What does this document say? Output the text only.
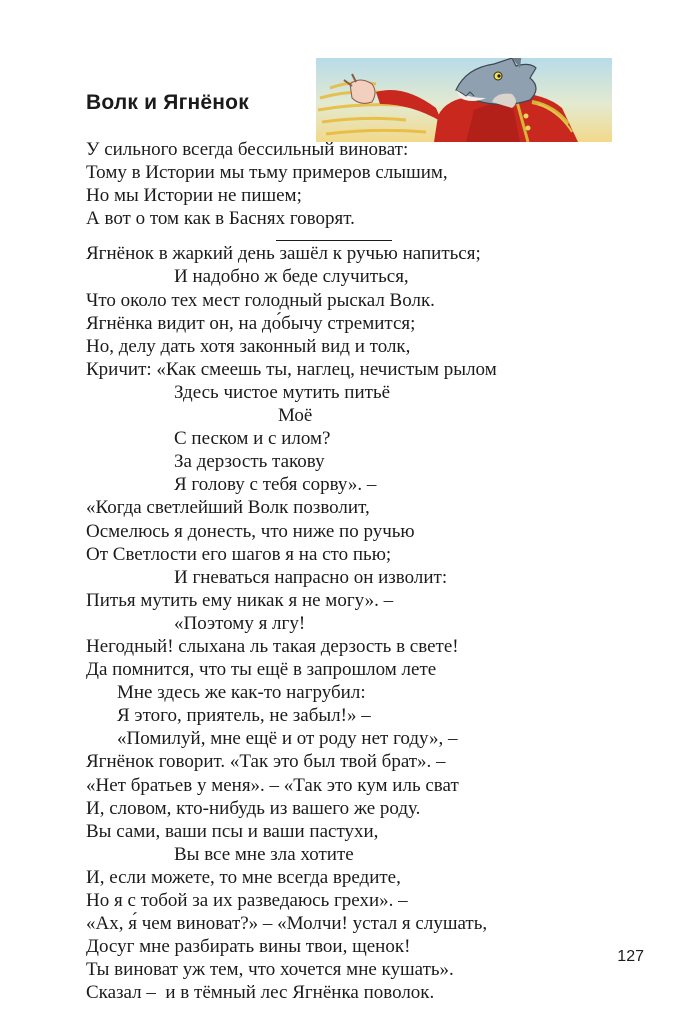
Волк и Ягнёнок
У сильного всегда бессильный виноват:
Тому в Истории мы тьму примеров слышим,
Но мы Истории не пишем;
А вот о том как в Баснях говорят.
Ягнёнок в жаркий день зашёл к ручью напиться;
И надобно ж беде случиться,
Что около тех мест голодный рыскал Волк.
Ягнёнка видит он, на до́бычу стремится;
Но, делу дать хотя законный вид и толк,
Кричит: «Как смеешь ты, наглец, нечистым рылом
Здесь чистое мутить питьё
Моё
С песком и с илом?
За дерзость такову
Я голову с тебя сорву». –
«Когда светлейший Волк позволит,
Осмелюсь я донесть, что ниже по ручью
От Светлости его шагов я на сто пью;
И гневаться напрасно он изволит:
Питья мутить ему никак я не могу». –
«Поэтому я лгу!
Негодный! слыхана ль такая дерзость в свете!
Да помнится, что ты ещё в запрошлом лете
Мне здесь же как-то нагрубил:
Я этого, приятель, не забыл!» –
«Помилуй, мне ещё и от роду нет году», –
Ягнёнок говорит. «Так это был твой брат». –
«Нет братьев у меня». – «Так это кум иль сват
И, словом, кто-нибудь из вашего же роду.
Вы сами, ваши псы и ваши пастухи,
Вы все мне зла хотите
И, если можете, то мне всегда вредите,
Но я с тобой за их разведаюсь грехи». –
«Ах, я́ чем виноват?» – «Молчи! устал я слушать,
Досуг мне разбирать вины твои, щенок!
Ты виноват уж тем, что хочется мне кушать».
Сказал –  и в тёмный лес Ягнёнка поволок.
127
